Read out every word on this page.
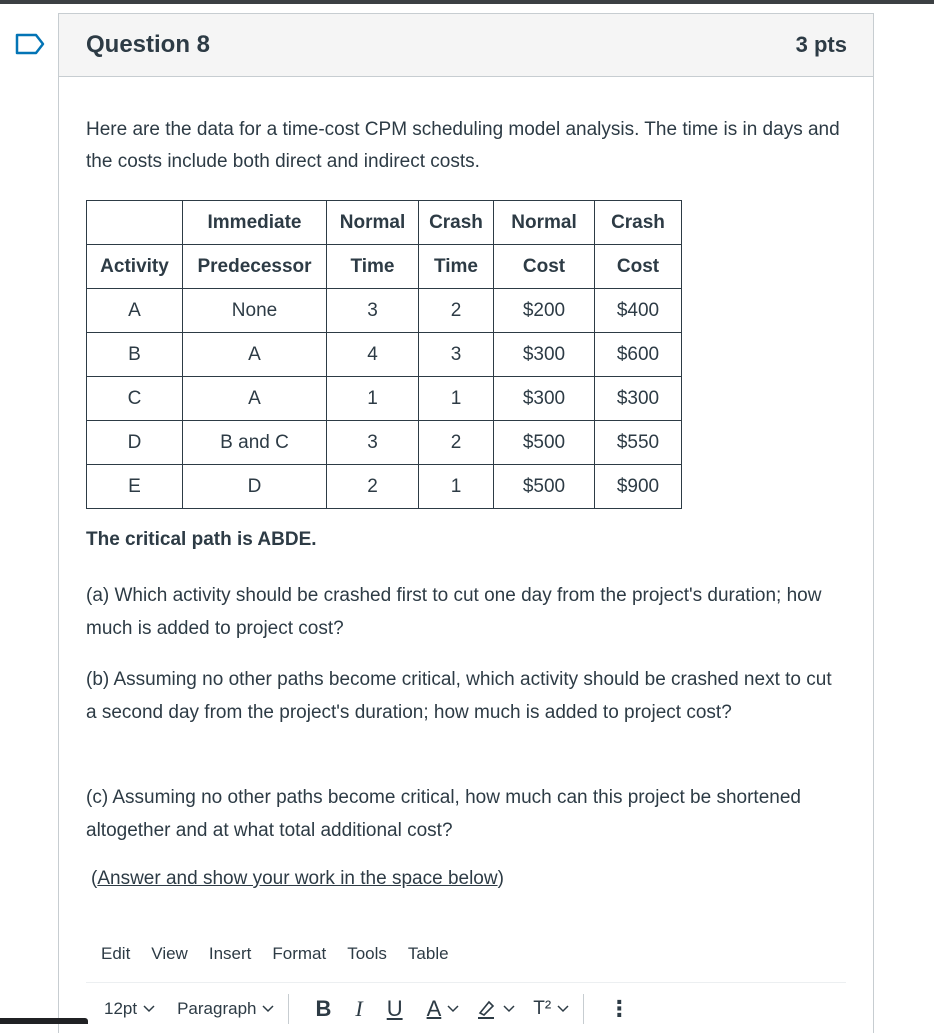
Question 8	3 pts

Here are the data for a time-cost CPM scheduling model analysis. The time is in days and the costs include both direct and indirect costs.

	Immediate	Normal	Crash	Normal	Crash
Activity	Predecessor	Time	Time	Cost	Cost
A	None	3	2	$200	$400
B	A	4	3	$300	$600
C	A	1	1	$300	$300
D	B and C	3	2	$500	$550
E	D	2	1	$500	$900

The critical path is ABDE.

(a) Which activity should be crashed first to cut one day from the project's duration; how much is added to project cost?

(b) Assuming no other paths become critical, which activity should be crashed next to cut a second day from the project's duration; how much is added to project cost?

(c) Assuming no other paths become critical, how much can this project be shortened altogether and at what total additional cost?

(Answer and show your work in the space below)

Edit View Insert Format Tools Table
12pt Paragraph	B I U A	T²	⋮
